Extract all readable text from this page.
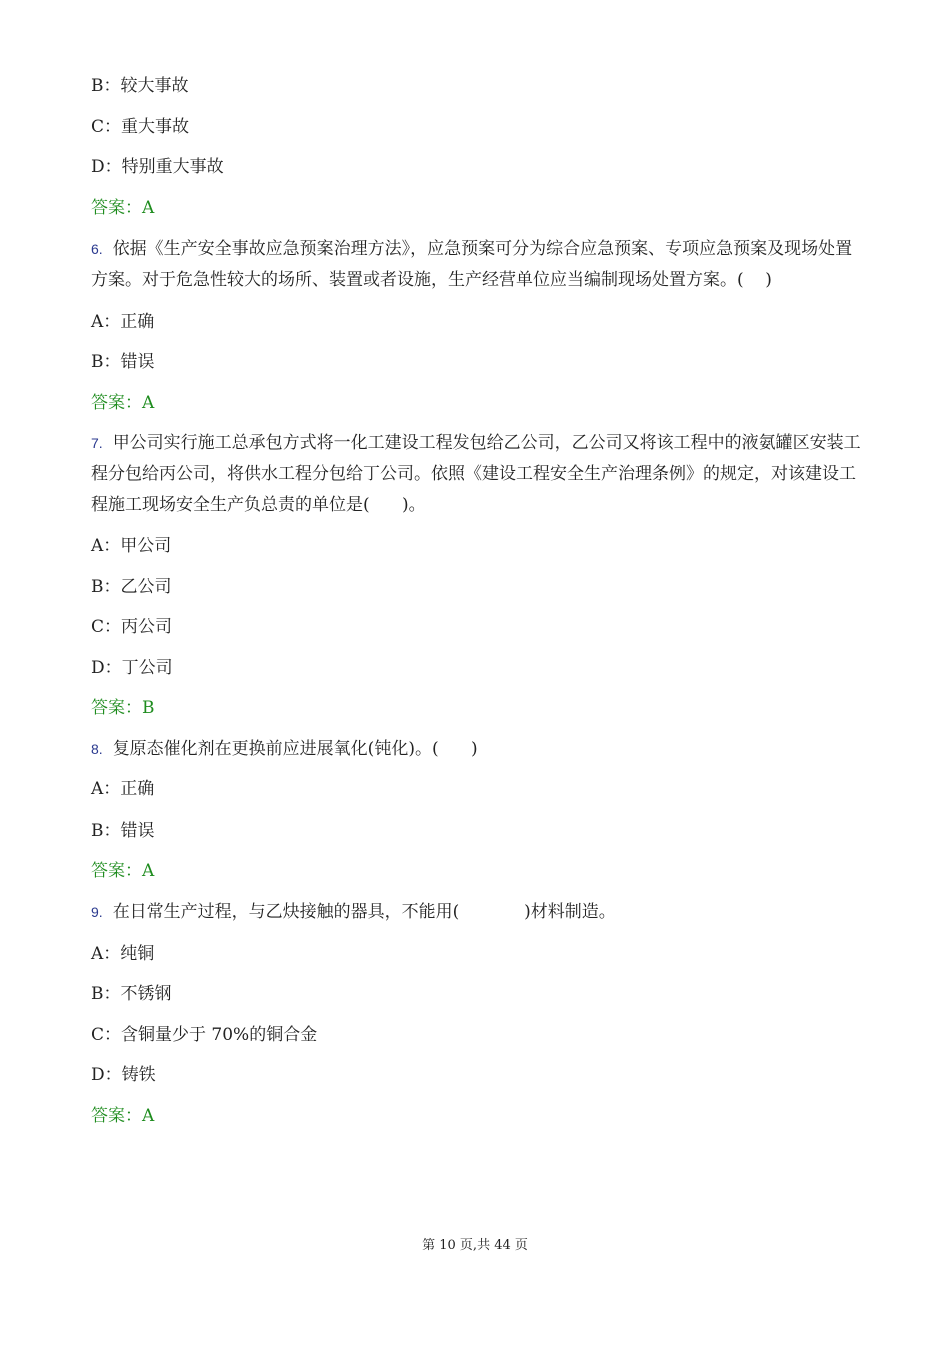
B：较大事故
C：重大事故
D：特别重大事故
答案：A
6. 依据《生产安全事故应急预案治理方法》，应急预案可分为综合应急预案、专项应急预案及现场处置方案。对于危急性较大的场所、装置或者设施，生产经营单位应当编制现场处置方案。(    )
A：正确
B：错误
答案：A
7. 甲公司实行施工总承包方式将一化工建设工程发包给乙公司，乙公司又将该工程中的液氨罐区安装工程分包给丙公司，将供水工程分包给丁公司。依照《建设工程安全生产治理条例》的规定，对该建设工程施工现场安全生产负总责的单位是(      )。
A：甲公司
B：乙公司
C：丙公司
D：丁公司
答案：B
8. 复原态催化剂在更换前应进展氧化(钝化)。(      )
A：正确
B：错误
答案：A
9. 在日常生产过程，与乙炔接触的器具，不能用(            )材料制造。
A：纯铜
B：不锈钢
C：含铜量少于 70%的铜合金
D：铸铁
答案：A
第 10 页,共 44 页
